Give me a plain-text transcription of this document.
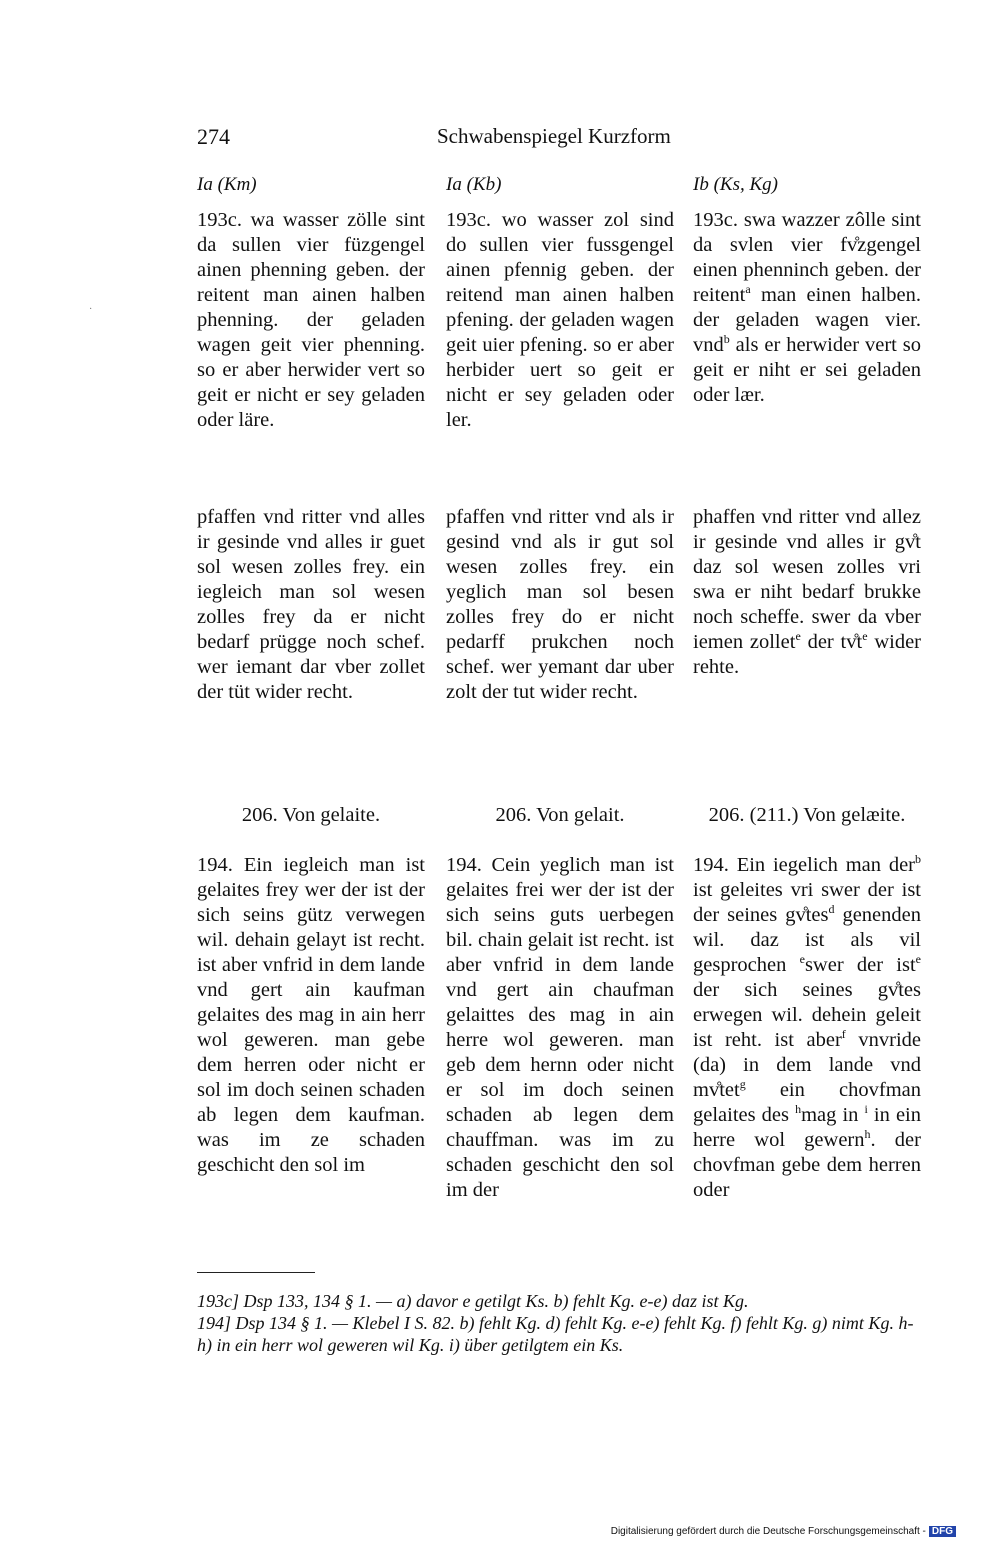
274	Schwabenspiegel Kurzform
·
Ia (Km)

193c. wa wasser zölle sint da sullen vier füzgengel ainen phenning geben. der reitent man ainen halben phenning. der geladen wagen geit vier phenning. so er aber herwider vert so geit er nicht er sey geladen oder läre.

pfaffen vnd ritter vnd alles ir gesinde vnd alles ir guet sol wesen zolles frey. ein iegleich man sol wesen zolles frey da er nicht bedarf prügge noch schef. wer iemant dar vber zollet der tüt wider recht.

206. Von gelaite.

194. Ein iegleich man ist gelaites frey wer der ist der sich seins gütz verwegen wil. dehain gelayt ist recht. ist aber vnfrid in dem lande vnd gert ain kaufman gelaites des mag in ain herr wol geweren. man gebe dem herren oder nicht er sol im doch seinen schaden ab legen dem kaufman. was im ze schaden geschicht den sol im

Ia (Kb)

193c. wo wasser zol sind do sullen vier fussgengel ainen pfennig geben. der reitend man ainen halben pfening. der geladen wagen geit uier pfening. so er aber herbider uert so geit er nicht er sey geladen oder ler.

pfaffen vnd ritter vnd als ir gesind vnd als ir gut sol wesen zolles frey. ein yeglich man sol besen zolles frey do er nicht pedarff prukchen noch schef. wer yemant dar uber zolt der tut wider recht.

206. Von gelait.

194. Cein yeglich man ist gelaites frei wer der ist der sich seins guts uerbegen bil. chain gelait ist recht. ist aber vnfrid in dem lande vnd gert ain chaufman gelaittes des mag in ain herre wol geweren. man geb dem hernn oder nicht er sol im doch seinen schaden ab legen dem chauffman. was im zu schaden geschicht den sol im der

Ib (Ks, Kg)

193c. swa wazzer zôlle sint da svlen vier fv̊zgengel einen phenninch geben. der reitent$^a$ man einen halben. der geladen wagen vier. vnd$^b$ als er herwider vert so geit er niht er sei geladen oder lær.

phaffen vnd ritter vnd allez ir gesinde vnd alles ir gv̊t daz sol wesen zolles vri swa er niht bedarf brukke noch scheffe. swer da vber iemen zollet$^e$ der $tv̊t^e$ wider rehte.

206. (211.) Von gelæite.

194. Ein iegelich man der$^b$ ist geleites vri swer der ist der seines gv̊tes$^d$ genenden wil. daz ist als vil gesprochen $^e$swer der ist$^e$ der sich seines gv̊tes erwegen wil. dehein geleit ist reht. ist aber$^f$ vnvride (da) in dem lande vnd mv̊tet$^g$ ein chovfman gelaites des $^h$mag in $^i$ in ein herre wol gewern$^h$. der chovfman gebe dem herren oder

193c] Dsp 133, 134 § 1. — a) davor e getilgt Ks. b) fehlt Kg. e-e) daz ist Kg.
194] Dsp 134 § 1. — Klebel I S. 82. b) fehlt Kg. d) fehlt Kg. e-e) fehlt Kg. f) fehlt Kg. g) nimt Kg. h-h) in ein herr wol geweren wil Kg. i) über getilgtem ein Ks.
Digitalisierung gefördert durch die Deutsche Forschungsgemeinschaft - DFG
